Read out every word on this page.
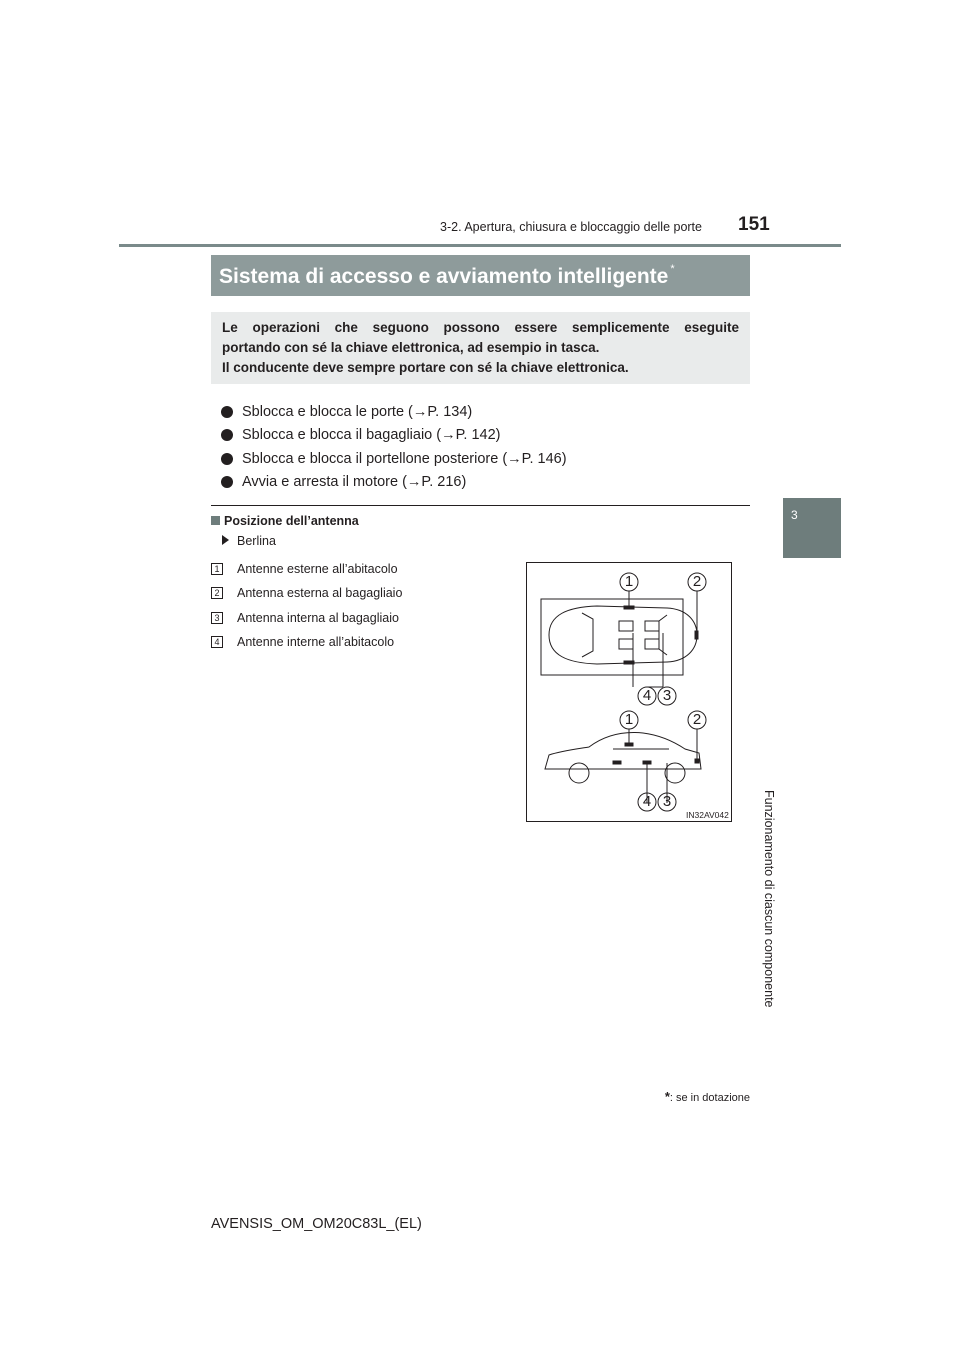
3-2. Apertura, chiusura e bloccaggio delle porte 151
3
Funzionamento di ciascun componente
Sistema di accesso e avviamento intelligente *
Le operazioni che seguono possono essere semplicemente eseguite
portando con sé la chiave elettronica, ad esempio in tasca.
Il conducente deve sempre portare con sé la chiave elettronica.
Sblocca e blocca le porte (→P. 134)
Sblocca e blocca il bagagliaio (→P. 142)
Sblocca e blocca il portellone posteriore (→P. 146)
Avvia e arresta il motore (→P. 216)
Posizione dell’antenna
Berlina
1 Antenne esterne all’abitacolo
2 Antenna esterna al bagagliaio
3 Antenna interna al bagagliaio
4 Antenne interne all’abitacolo
1	2
4 3
1	2
4 3
IN32AV042
*: se in dotazione
AVENSIS_OM_OM20C83L_(EL)
